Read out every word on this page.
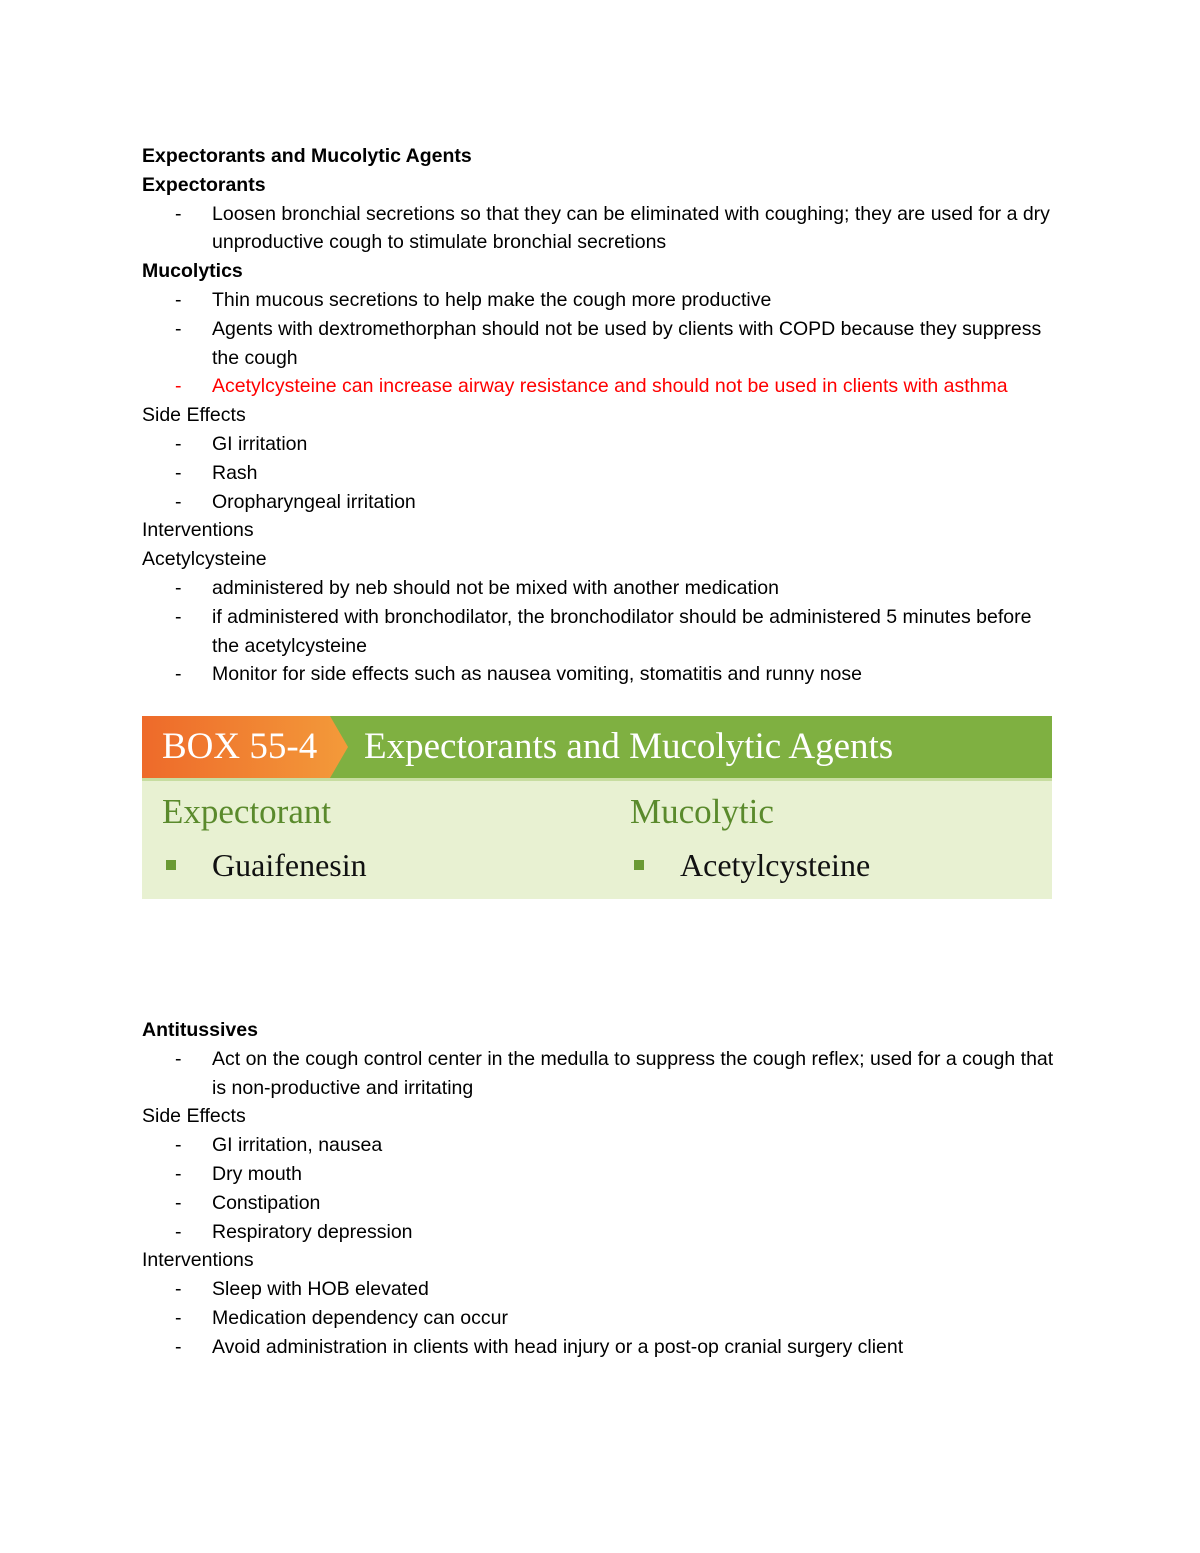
Expectorants and Mucolytic Agents

Expectorants

- Loosen bronchial secretions so that they can be eliminated with coughing; they are used for a dry unproductive cough to stimulate bronchial secretions

Mucolytics

- Thin mucous secretions to help make the cough more productive
- Agents with dextromethorphan should not be used by clients with COPD because they suppress the cough
- Acetylcysteine can increase airway resistance and should not be used in clients with asthma

Side Effects

- GI irritation
- Rash
- Oropharyngeal irritation

Interventions

Acetylcysteine

- administered by neb should not be mixed with another medication
- if administered with bronchodilator, the bronchodilator should be administered 5 minutes before the acetylcysteine
- Monitor for side effects such as nausea vomiting, stomatitis and runny nose
BOX 55-4 Expectorants and Mucolytic Agents
Expectorant
Guaifenesin
Mucolytic
Acetylcysteine

Antitussives

- Act on the cough control center in the medulla to suppress the cough reflex; used for a cough that is non-productive and irritating

Side Effects

- GI irritation, nausea
- Dry mouth
- Constipation
- Respiratory depression

Interventions

- Sleep with HOB elevated
- Medication dependency can occur
- Avoid administration in clients with head injury or a post-op cranial surgery client
